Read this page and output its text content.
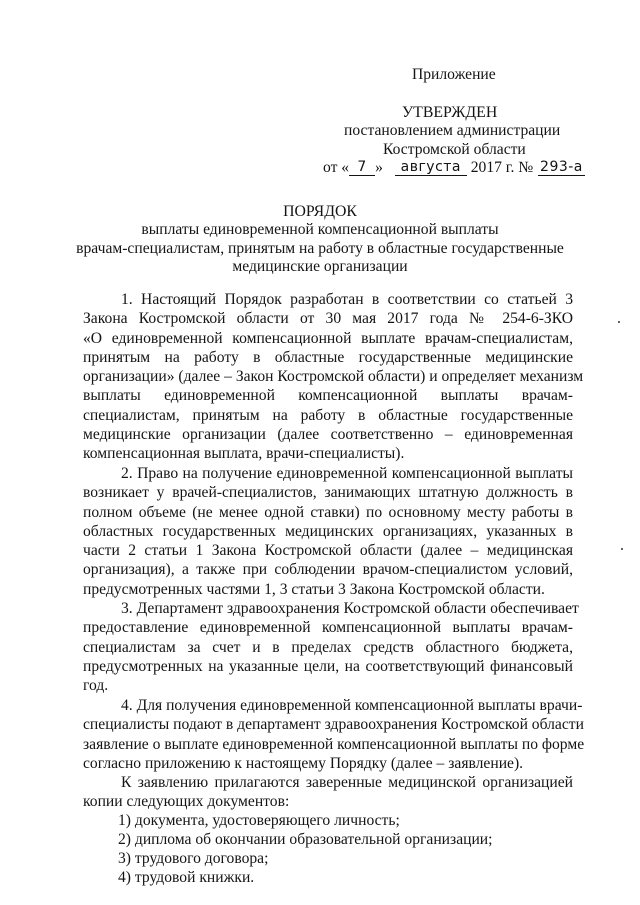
Приложение
УТВЕРЖДЕН
постановлением администрации
Костромской области
от « 7 » августа 2017 г. № 293-а
ПОРЯДОК
выплаты единовременной компенсационной выплаты
врачам-специалистам, принятым на работу в областные государственные
медицинские организации
1. Настоящий Порядок разработан в соответствии со статьей 3
Закона Костромской области от 30 мая 2017 года № 254-6-ЗКО
«О единовременной компенсационной выплате врачам-специалистам,
принятым на работу в областные государственные медицинские
организации» (далее – Закон Костромской области) и определяет механизм
выплаты единовременной компенсационной выплаты врачам-
специалистам, принятым на работу в областные государственные
медицинские организации (далее соответственно – единовременная
компенсационная выплата, врачи-специалисты).
2. Право на получение единовременной компенсационной выплаты
возникает у врачей-специалистов, занимающих штатную должность в
полном объеме (не менее одной ставки) по основному месту работы в
областных государственных медицинских организациях, указанных в
части 2 статьи 1 Закона Костромской области (далее – медицинская
организация), а также при соблюдении врачом-специалистом условий,
предусмотренных частями 1, 3 статьи 3 Закона Костромской области.
3. Департамент здравоохранения Костромской области обеспечивает
предоставление единовременной компенсационной выплаты врачам-
специалистам за счет и в пределах средств областного бюджета,
предусмотренных на указанные цели, на соответствующий финансовый
год.
4. Для получения единовременной компенсационной выплаты врачи-
специалисты подают в департамент здравоохранения Костромской области
заявление о выплате единовременной компенсационной выплаты по форме
согласно приложению к настоящему Порядку (далее – заявление).
К заявлению прилагаются заверенные медицинской организацией
копии следующих документов:
1) документа, удостоверяющего личность;
2) диплома об окончании образовательной организации;
3) трудового договора;
4) трудовой книжки.
